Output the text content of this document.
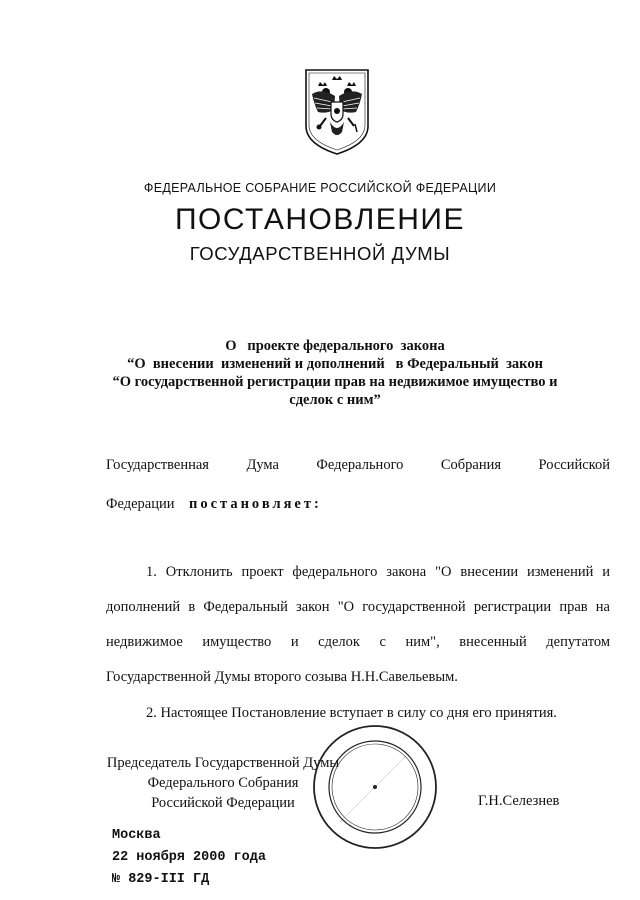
ФЕДЕРАЛЬНОЕ СОБРАНИЕ РОССИЙСКОЙ ФЕДЕРАЦИИ
ПОСТАНОВЛЕНИЕ
ГОСУДАРСТВЕННОЙ ДУМЫ
О   проекте федерального  закона
“О  внесении  изменений и дополнений   в Федеральный  закон
“О государственной регистрации прав на недвижимое имущество и
сделок с ним”
Государственная Дума Федерального Собрания Российской
Федерации постановляет:
1. Отклонить проект федерального закона "О внесении изменений и
дополнений в Федеральный закон "О государственной регистрации прав на
недвижимое имущество и сделок с ним", внесенный депутатом
Государственной Думы второго созыва Н.Н.Савельевым.
2. Настоящее Постановление вступает в силу со дня его принятия.
Председатель Государственной Думы
Федерального Собрания
Российской Федерации	Г.Н.Селезнев
Москва
22 ноября 2000 года
№ 829-III ГД
